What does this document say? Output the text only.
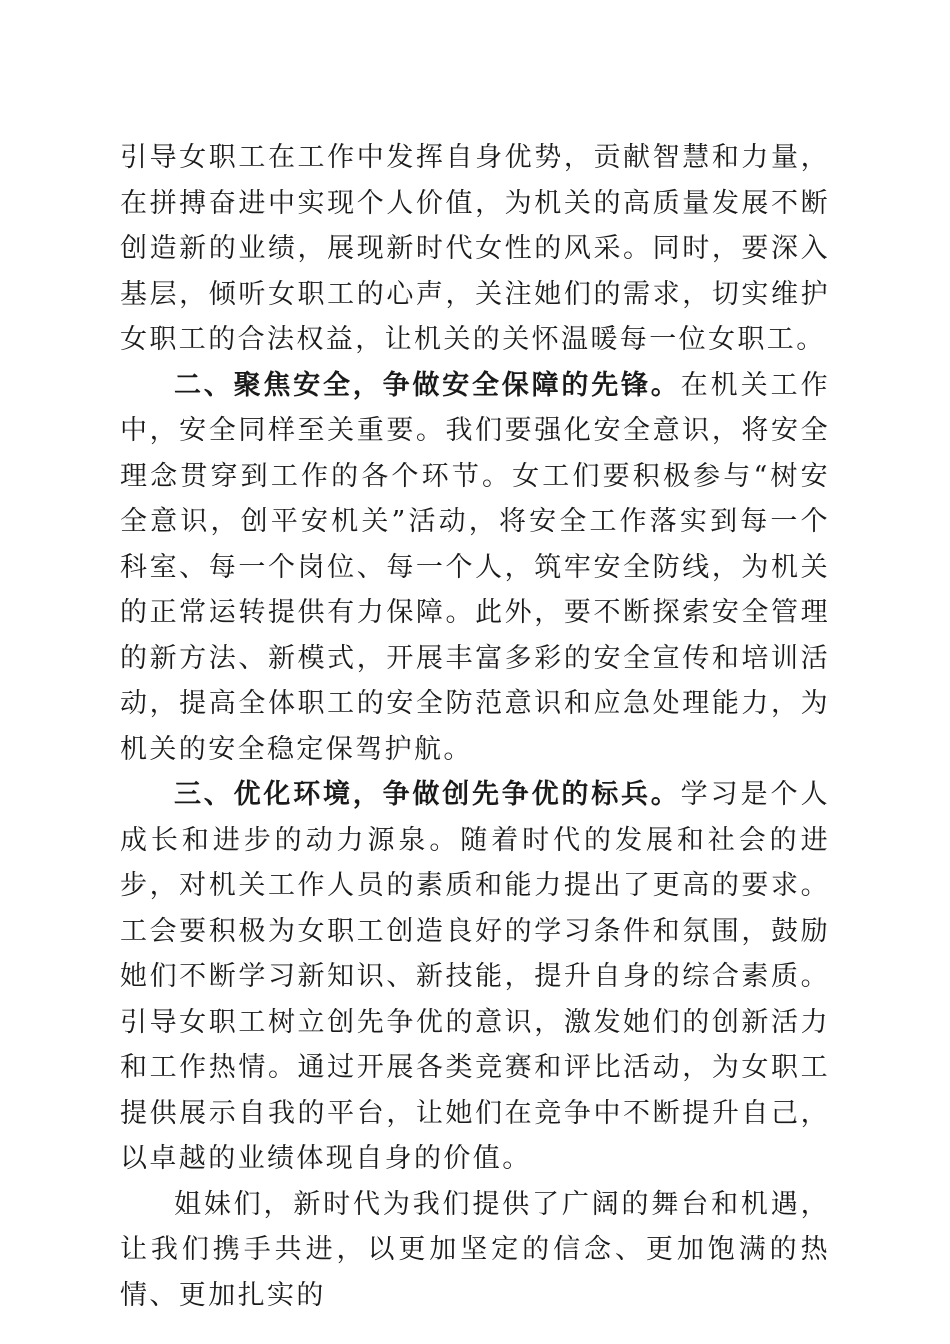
引导女职工在工作中发挥自身优势，贡献智慧和力量，在拼搏奋进中实现个人价值，为机关的高质量发展不断创造新的业绩，展现新时代女性的风采。同时，要深入基层，倾听女职工的心声，关注她们的需求，切实维护女职工的合法权益，让机关的关怀温暖每一位女职工。

二、聚焦安全，争做安全保障的先锋。在机关工作中，安全同样至关重要。我们要强化安全意识，将安全理念贯穿到工作的各个环节。女工们要积极参与“树安全意识，创平安机关”活动，将安全工作落实到每一个科室、每一个岗位、每一个人，筑牢安全防线，为机关的正常运转提供有力保障。此外，要不断探索安全管理的新方法、新模式，开展丰富多彩的安全宣传和培训活动，提高全体职工的安全防范意识和应急处理能力，为机关的安全稳定保驾护航。

三、优化环境，争做创先争优的标兵。学习是个人成长和进步的动力源泉。随着时代的发展和社会的进步，对机关工作人员的素质和能力提出了更高的要求。工会要积极为女职工创造良好的学习条件和氛围，鼓励她们不断学习新知识、新技能，提升自身的综合素质。引导女职工树立创先争优的意识，激发她们的创新活力和工作热情。通过开展各类竞赛和评比活动，为女职工提供展示自我的平台，让她们在竞争中不断提升自己，以卓越的业绩体现自身的价值。

姐妹们，新时代为我们提供了广阔的舞台和机遇，让我们携手共进，以更加坚定的信念、更加饱满的热情、更加扎实的
